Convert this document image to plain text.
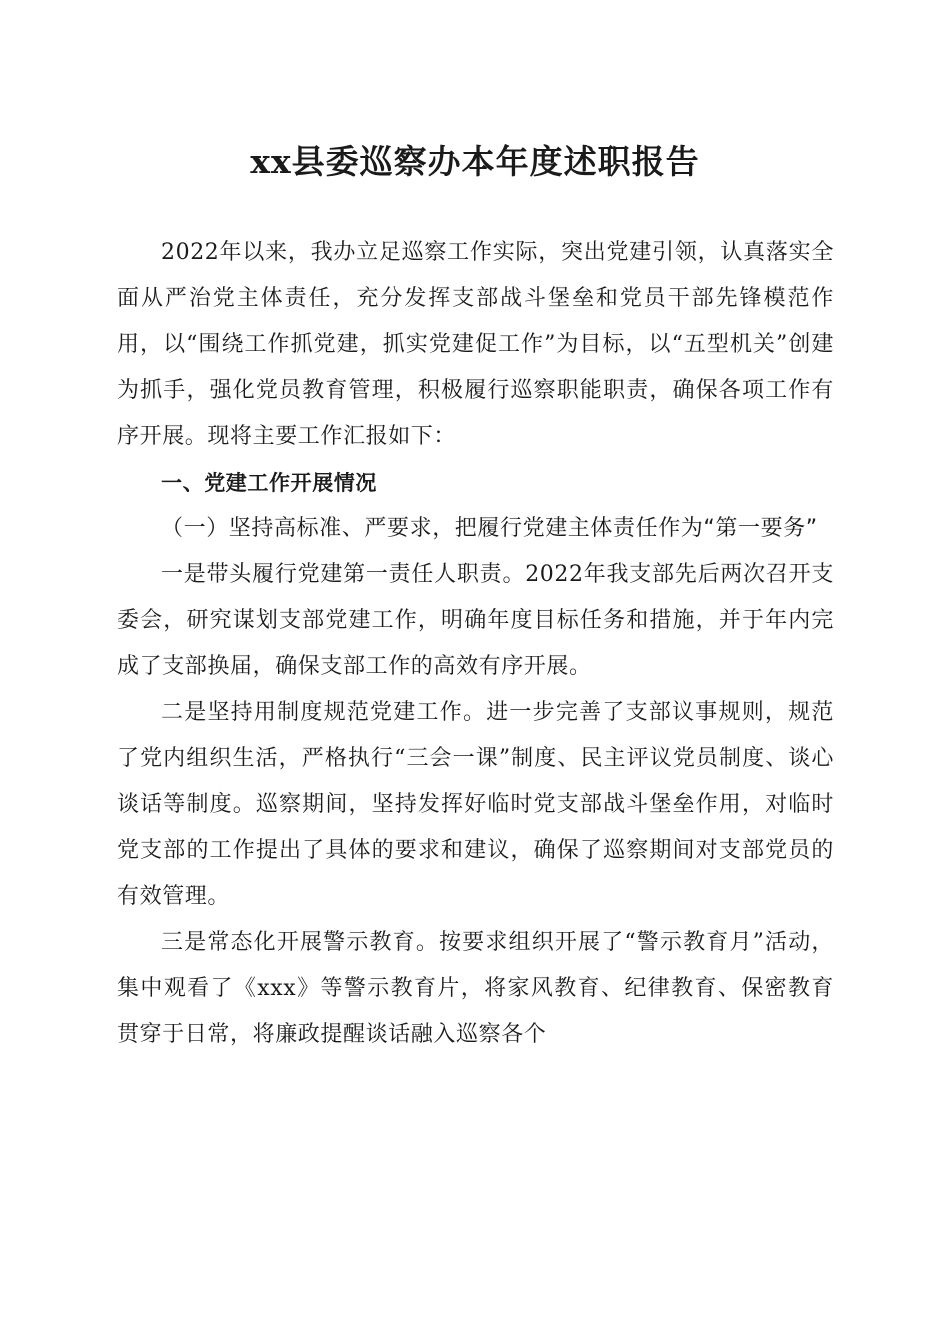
xx县委巡察办本年度述职报告

2022年以来，我办立足巡察工作实际，突出党建引领，认真落实全面从严治党主体责任，充分发挥支部战斗堡垒和党员干部先锋模范作用，以“围绕工作抓党建，抓实党建促工作”为目标，以“五型机关”创建为抓手，强化党员教育管理，积极履行巡察职能职责，确保各项工作有序开展。现将主要工作汇报如下：

一、党建工作开展情况

（一）坚持高标准、严要求，把履行党建主体责任作为“第一要务”

一是带头履行党建第一责任人职责。2022年我支部先后两次召开支委会，研究谋划支部党建工作，明确年度目标任务和措施，并于年内完成了支部换届，确保支部工作的高效有序开展。

二是坚持用制度规范党建工作。进一步完善了支部议事规则，规范了党内组织生活，严格执行“三会一课”制度、民主评议党员制度、谈心谈话等制度。巡察期间，坚持发挥好临时党支部战斗堡垒作用，对临时党支部的工作提出了具体的要求和建议，确保了巡察期间对支部党员的有效管理。

三是常态化开展警示教育。按要求组织开展了“警示教育月”活动，集中观看了《xxx》等警示教育片，将家风教育、纪律教育、保密教育贯穿于日常，将廉政提醒谈话融入巡察各个
